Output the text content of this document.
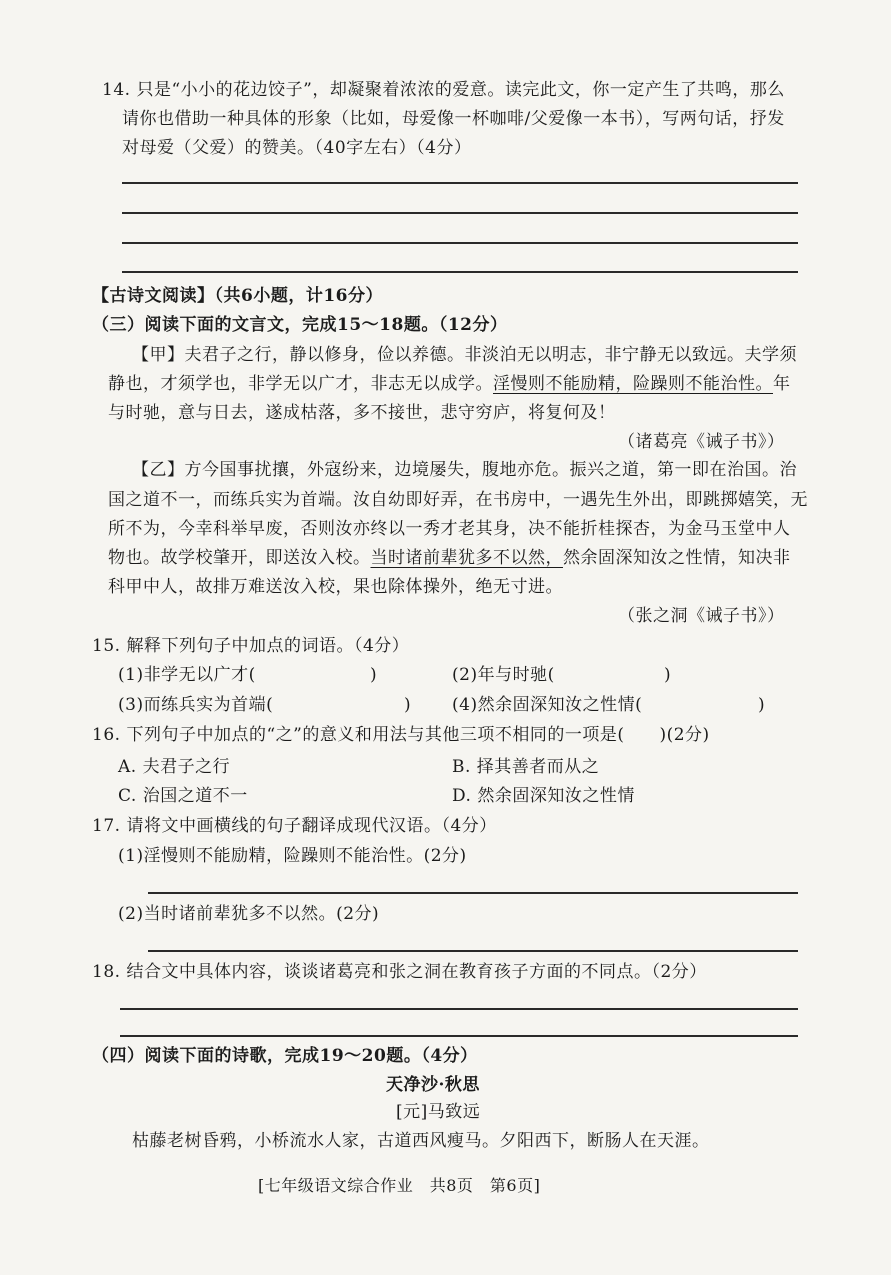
14. 只是“小小的花边饺子”，却凝聚着浓浓的爱意。读完此文，你一定产生了共鸣，那么
请你也借助一种具体的形象（比如，母爱像一杯咖啡/父爱像一本书），写两句话，抒发
对母爱（父爱）的赞美。（40字左右）（4分）
【古诗文阅读】（共6小题，计16分）
（三）阅读下面的文言文，完成15～18题。（12分）
【甲】夫君子之行，静以修身，俭以养德。非淡泊无以明志，非宁静无以致远。夫学须
静也，才须学也，非学无以广才，非志无以成学。淫慢则不能励精，险躁则不能治性。年
与时驰，意与日去，遂成枯落，多不接世，悲守穷庐，将复何及！
（诸葛亮《诫子书》）
【乙】方今国事扰攘，外寇纷来，边境屡失，腹地亦危。振兴之道，第一即在治国。治
国之道不一，而练兵实为首端。汝自幼即好弄，在书房中，一遇先生外出，即跳掷嬉笑，无
所不为，今幸科举早废，否则汝亦终以一秀才老其身，决不能折桂探杏，为金马玉堂中人
物也。故学校肇开，即送汝入校。当时诸前辈犹多不以然，然余固深知汝之性情，知决非
科甲中人，故排万难送汝入校，果也除体操外，绝无寸进。
（张之洞《诫子书》）
15. 解释下列句子中加点的词语。（4分）
(1)非学无以广才(	)	(2)年与时驰(	)
(3)而练兵实为首端(	) (4)然余固深知汝之性情(	)
16. 下列句子中加点的“之”的意义和用法与其他三项不相同的一项是(　　)(2分)
A. 夫君子之行	B. 择其善者而从之
C. 治国之道不一	D. 然余固深知汝之性情
17. 请将文中画横线的句子翻译成现代汉语。（4分）
(1)淫慢则不能励精，险躁则不能治性。(2分)
(2)当时诸前辈犹多不以然。(2分)
18. 结合文中具体内容，谈谈诸葛亮和张之洞在教育孩子方面的不同点。（2分）
（四）阅读下面的诗歌，完成19～20题。（4分）
天净沙·秋思
[元]马致远
枯藤老树昏鸦，小桥流水人家，古道西风瘦马。夕阳西下，断肠人在天涯。
[七年级语文综合作业　共8页　第6页]
